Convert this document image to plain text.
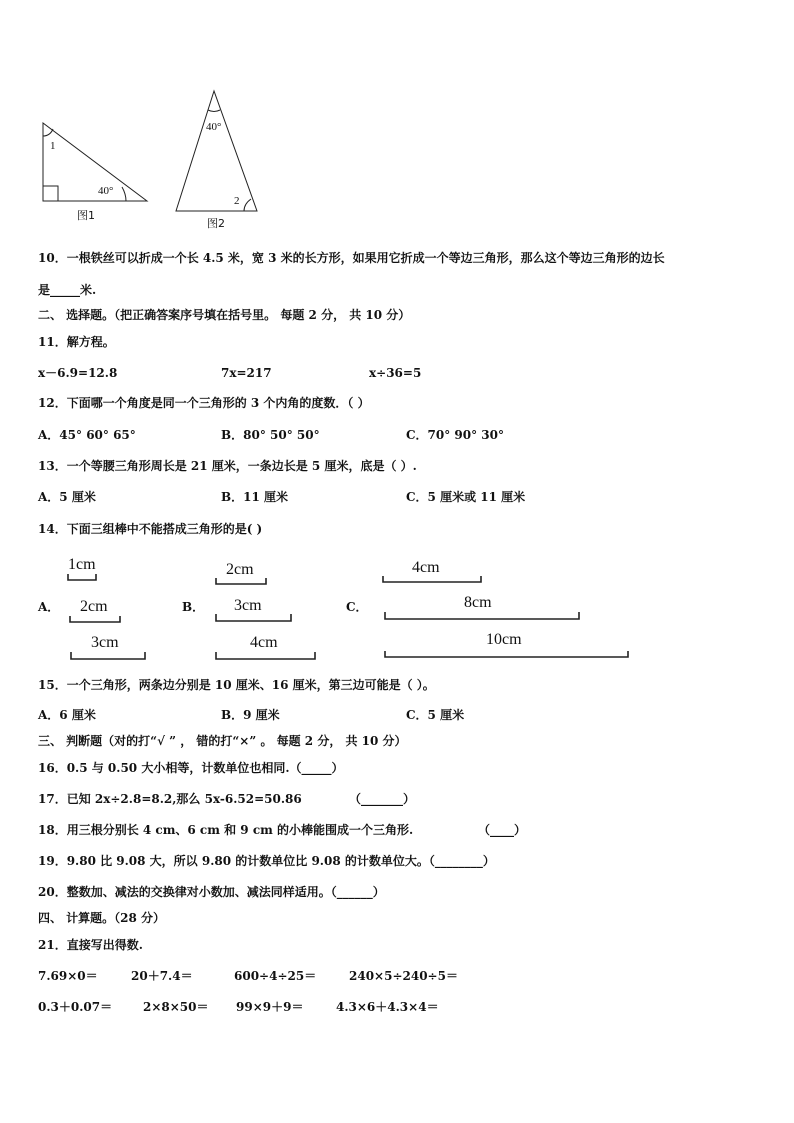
1
40°
图1
40°
2
图2
10．一根铁丝可以折成一个长 4.5 米，宽 3 米的长方形，如果用它折成一个等边三角形，那么这个等边三角形的边长
是_____米.
二、 选择题。（把正确答案序号填在括号里。 每题 2 分， 共 10 分）
11．解方程。
x－6.9=12.8	7x=217	x÷36=5
12．下面哪一个角度是同一个三角形的 3 个内角的度数．（ ）
A．45° 60° 65°	B．80° 50° 50°	C．70° 90° 30°
13．一个等腰三角形周长是 21 厘米，一条边长是 5 厘米，底是（ ）.
A．5 厘米	B．11 厘米	C．5 厘米或 11 厘米
14．下面三组棒中不能搭成三角形的是( )
A．	B．	C．
1cm
2cm
3cm
2cm
3cm
4cm
4cm
8cm
10cm
15．一个三角形，两条边分别是 10 厘米、16 厘米，第三边可能是（ ）。
A．6 厘米	B．9 厘米	C．5 厘米
三、 判断题（对的打“√ ” ， 错的打“×” 。 每题 2 分， 共 10 分）
16．0.5 与 0.50 大小相等，计数单位也相同.（_____）
17．已知 2x÷2.8=8.2,那么 5x-6.52=50.86	（_______）
18．用三根分别长 4 cm、6 cm 和 9 cm 的小棒能围成一个三角形.	（____）
19．9.80 比 9.08 大，所以 9.80 的计数单位比 9.08 的计数单位大。（________）
20．整数加、减法的交换律对小数加、减法同样适用。（______）
四、 计算题。（28 分）
21．直接写出得数.
7.69×0＝	20＋7.4＝	600÷4÷25＝	240×5÷240÷5＝
0.3＋0.07＝	2×8×50＝ 99×9＋9＝	4.3×6＋4.3×4＝
